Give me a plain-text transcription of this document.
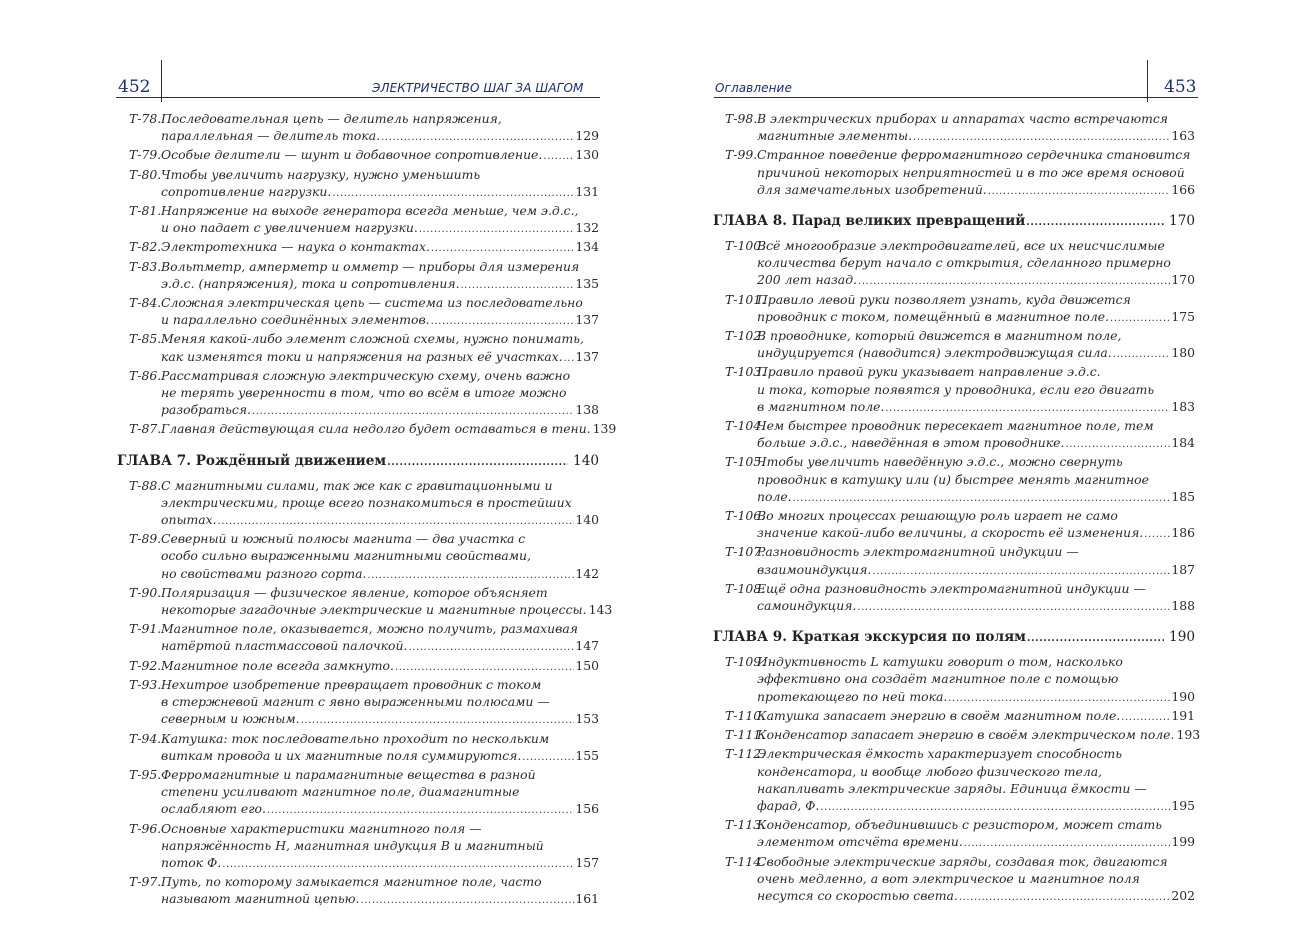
452	ЭЛЕКТРИЧЕСТВО ШАГ ЗА ШАГОМ
Т-78. Последовательная цепь — делитель напряжения,
параллельная — делитель тока. .....	129
Т-79. Особые делители — шунт и добавочное сопротивление. .....	130
Т-80. Чтобы увеличить нагрузку, нужно уменьшить
сопротивление нагрузки. .....	131
Т-81. Напряжение на выходе генератора всегда меньше, чем э.д.с.,
и оно падает с увеличением нагрузки. .....	132
Т-82. Электротехника — наука о контактах. .....	134
Т-83. Вольтметр, амперметр и омметр — приборы для измерения
э.д.с. (напряжения), тока и сопротивления. .....	135
Т-84. Сложная электрическая цепь — система из последовательно
и параллельно соединённых элементов. .....	137
Т-85. Меняя какой-либо элемент сложной схемы, нужно понимать,
как изменятся токи и напряжения на разных её участках. ..... 137
Т-86. Рассматривая сложную электрическую схему, очень важно
не терять уверенности в том, что во всём в итоге можно
разобраться. .....	138
Т-87. Главная действующая сила недолго будет оставаться в тени. 139
ГЛАВА 7. Рождённый движением .....	140
Т-88. С магнитными силами, так же как с гравитационными и
электрическими, проще всего познакомиться в простейших
опытах. .....	140
Т-89. Северный и южный полюсы магнита — два участка с
особо сильно выраженными магнитными свойствами,
но свойствами разного сорта. .....	142
Т-90. Поляризация — физическое явление, которое объясняет
некоторые загадочные электрические и магнитные процессы. 143
Т-91. Магнитное поле, оказывается, можно получить, размахивая
натёртой пластмассовой палочкой. .....	147
Т-92. Магнитное поле всегда замкнуто. .....	150
Т-93. Нехитрое изобретение превращает проводник с током
в стержневой магнит с явно выраженными полюсами —
северным и южным. .....	153
Т-94. Катушка: ток последовательно проходит по нескольким
виткам провода и их магнитные поля суммируются. .....	155
Т-95. Ферромагнитные и парамагнитные вещества в разной
степени усиливают магнитное поле, диамагнитные
ослабляют его. .....	156
Т-96. Основные характеристики магнитного поля —
напряжённость H, магнитная индукция B и магнитный
поток Ф. .....	157
Т-97. Путь, по которому замыкается магнитное поле, часто
называют магнитной цепью. .....	161
453
Оглавление
Т-98. В электрических приборах и аппаратах часто встречаются
магнитные элементы. .....	163
Т-99. Странное поведение ферромагнитного сердечника становится
причиной некоторых неприятностей и в то же время основой
для замечательных изобретений. .....	166
ГЛАВА 8. Парад великих превращений .....	170
Т-100.
Всё многообразие электродвигателей, все их неисчислимые
количества берут начало с открытия, сделанного примерно
200 лет назад. .....	170
Т-101.
Правило левой руки позволяет узнать, куда движется
проводник с током, помещённый в магнитное поле. .....	175
Т-102.
В проводнике, который движется в магнитном поле,
индуцируется (наводится) электродвижущая сила. .....	180
Т-103.
Правило правой руки указывает направление э.д.с.
и тока, которые появятся у проводника, если его двигать
в магнитном поле. .....	183
Т-104.
Чем быстрее проводник пересекает магнитное поле, тем
больше э.д.с., наведённая в этом проводнике. .....	184
Т-105.
Чтобы увеличить наведённую э.д.с., можно свернуть
проводник в катушку или (и) быстрее менять магнитное
поле. .....	185
Т-106.
Во многих процессах решающую роль играет не само
значение какой-либо величины, а скорость её изменения. ..... 186
Т-107.
Разновидность электромагнитной индукции —
взаимоиндукция. .....	187
Т-108.
Ещё одна разновидность электромагнитной индукции —
самоиндукция. .....	188
ГЛАВА 9. Краткая экскурсия по полям .....	190
Т-109.
Индуктивность L катушки говорит о том, насколько
эффективно она создаёт магнитное поле с помощью
протекающего по ней тока. .....	190
Т-110.
Катушка запасает энергию в своём магнитном поле. .....	191
Т-111.
Конденсатор запасает энергию в своём электрическом поле. 193
Т-112.
Электрическая ёмкость характеризует способность
конденсатора, и вообще любого физического тела,
накапливать электрические заряды. Единица ёмкости —
фарад, Ф. .....	195
Т-113.
Конденсатор, объединившись с резистором, может стать
элементом отсчёта времени. .....	199
Т-114.
Свободные электрические заряды, создавая ток, двигаются
очень медленно, а вот электрическое и магнитное поля
несутся со скоростью света. .....	202
